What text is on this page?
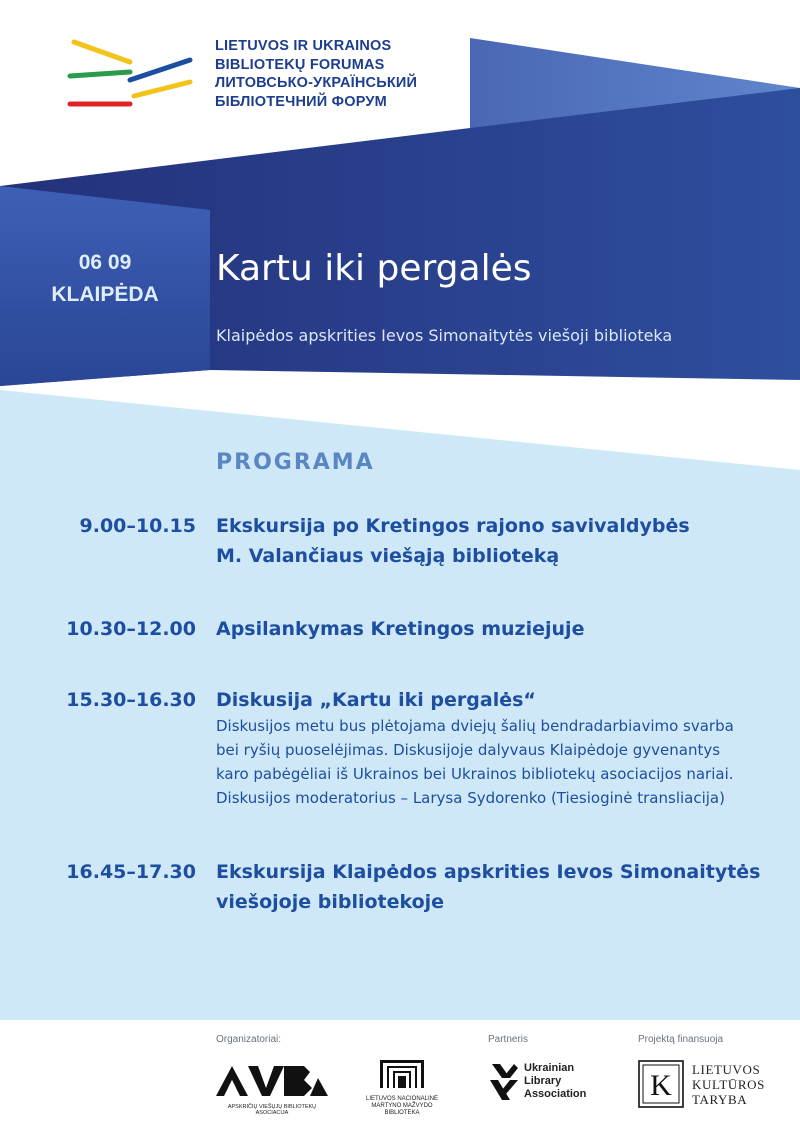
LIETUVOS IR UKRAINOS
BIBLIOTEKŲ FORUMAS
ЛИТОВСЬКО-УКРАЇНСЬКИЙ
БІБЛІОТЕЧНИЙ ФОРУМ
06 09
KLAIPĖDA
Kartu iki pergalės
Klaipėdos apskrities Ievos Simonaitytės viešoji biblioteka
PROGRAMA
9.00–10.15 Ekskursija po Kretingos rajono savivaldybės
M. Valančiaus viešąją biblioteką
10.30–12.00 Apsilankymas Kretingos muziejuje
15.30–16.30 Diskusija „Kartu iki pergalės“
Diskusijos metu bus plėtojama dviejų šalių bendradarbiavimo svarba
bei ryšių puoselėjimas. Diskusijoje dalyvaus Klaipėdoje gyvenantys
karo pabėgėliai iš Ukrainos bei Ukrainos bibliotekų asociacijos nariai.
Diskusijos moderatorius – Larysa Sydorenko (Tiesioginė transliacija)
16.45–17.30 Ekskursija Klaipėdos apskrities Ievos Simonaitytės
viešojoje bibliotekoje
Organizatoriai:	Partneris	Projektą finansuoja
APSKRIČIŲ VIEŠŲJŲ BIBLIOTEKŲ ASOCIACIJA
LIETUVOS NACIONALINĖ
MARTYNO MAŽVYDO
BIBLIOTEKA
Ukrainian
Library
Association K LIETUVOS
KULTŪROS
TARYBA
